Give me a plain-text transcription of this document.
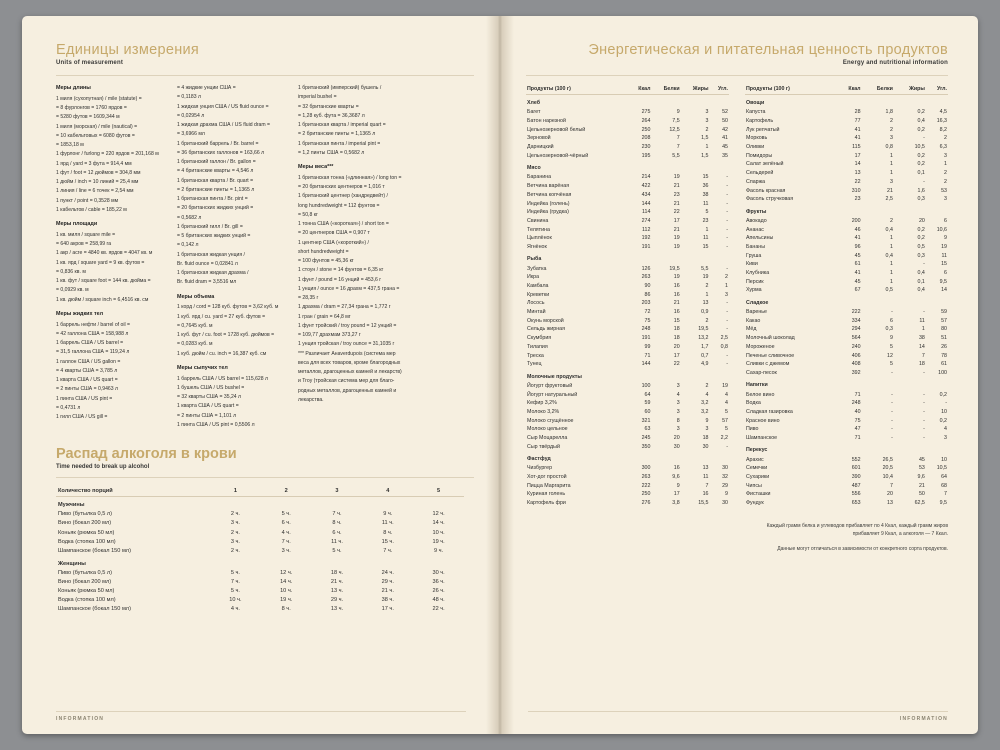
Единицы измерения
Units of measurement
Меры длины

1 миля (сухопутная) / mile (statute) =

= 8 фурлонгов = 1760 ярдов =

= 5280 футов = 1609,344 м

1 миля (морская) / mile (nautical) =

= 10 кабельтовых = 6080 футов =

= 1853,18 м

1 фурлонг / furlong = 220 ярдов = 201,168 м

1 ярд / yard = 3 фута = 914,4 мм

1 фут / foot = 12 дюймов = 304,8 мм

1 дюйм / inch = 10 линий = 25,4 мм

1 линия / line = 6 точек = 2,54 мм

1 пункт / point = 0,3528 мм

1 кабельтов / cable = 185,22 м

Меры площади

1 кв. миля / square mile =

= 640 акров = 258,99 га

1 акр / acre = 4840 кв. ярдов = 4047 кв. м

1 кв. ярд / square yard = 9 кв. футов =

= 0,836 кв. м

1 кв. фут / square foot = 144 кв. дюйма =

= 0,0929 кв. м

1 кв. дюйм / square inch = 6,4516 кв. см

Меры жидких тел

1 баррель нефти / barrel of oil =

= 42 галлона США = 158,988 л

1 баррель США / US barrel =

= 31,5 галлона США = 119,24 л

1 галлон США / US gallon =

= 4 кварты США = 3,785 л

1 кварта США / US quart =

= 2 пинты США = 0,9463 л

1 пинта США / US pint =

= 0,4731 л

1 гилл США / US gill =

= 4 жидкие унции США =

= 0,1183 л

1 жидкая унция США / US fluid ounce =

= 0,02954 л

1 жидкая драхма США / US fluid dram =

= 3,6966 мл

1 британский баррель / Br. barrel =

= 36 британских галлонов = 163,66 л

1 британский галлон / Br. gallon =

= 4 британские кварты = 4,546 л

1 британская кварта / Br. quart =

= 2 британские пинты = 1,1365 л

1 британская пинта / Br. pint =

= 20 британских жидких унций =

= 0,5682 л

1 британский гилл / Br. gill =

= 5 британских жидких унций =

= 0,142 л

1 британская жидкая унция /

Br. fluid ounce = 0,02841 л

1 британская жидкая драхма /

Br. fluid dram = 3,5516 мл

Меры объема

1 корд / cord = 128 куб. футов = 3,62 куб. м

1 куб. ярд / cu. yard = 27 куб. футов =

= 0,7645 куб. м

1 куб. фут / cu. foot = 1728 куб. дюймов =

= 0,0283 куб. м

1 куб. дюйм / cu. inch = 16,387 куб. см

Меры сыпучих тел

1 баррель США / US barrel = 115,628 л

1 бушель США / US bushel =

= 32 кварты США = 35,24 л

1 кварта США / US quart =

= 2 пинты США = 1,101 л

1 пинта США / US pint = 0,5506 л

1 британский (имперский) бушель /

imperial bushel =

= 32 британские кварты =

= 1,28 куб. фута = 36,3687 л

1 британская кварта / imperial quart =

= 2 британские пинты = 1,1365 л

1 британская пинта / imperial pint =

= 1,2 пинты США = 0,5682 л

Меры веса***

1 британская тонна («длинная») / long ton =

= 20 британских центнеров = 1,016 т

1 британский центнер (хандредвейт) /

long hundredweight = 112 фунтов =

= 50,8 кг

1 тонна США («короткая») / short ton =

= 20 центнеров США = 0,907 т

1 центнер США («короткий») /

short hundredweight =

= 100 фунтов = 45,36 кг

1 стоун / stone = 14 фунтов = 6,35 кг

1 фунт / pound = 16 унций = 453,6 г

1 унция / ounce = 16 драхм = 437,5 грана =

= 28,35 г

1 драхма / dram = 27,34 грана = 1,772 г

1 гран / grain = 64,8 мг

1 фунт тройский / troy pound = 12 унций =

= 109,77 драхмам 373,27 г

1 унция тройская / troy ounce = 31,1035 г

*** Различает Анаvеrdupois (система мер

веса для всех товаров, кроме благородных

металлов, драгоценных камней и лекарств)

и Troy (тройская система мер для благо-

родных металлов, драгоценных камней и

лекарства.

Распад алкоголя в крови
Time needed to break up alcohol
Количество порций	1	2	3	4	5
Мужчины					
Пиво (бутылка 0,5 л)	2 ч.	5 ч.	7 ч.	9 ч.	12 ч.
Вино (бокал 200 мл)	3 ч.	6 ч.	8 ч.	11 ч.	14 ч.
Коньяк (рюмка 50 мл)	2 ч.	4 ч.	6 ч.	8 ч.	10 ч.
Водка (стопка 100 мл)	3 ч.	7 ч.	11 ч.	15 ч.	19 ч.
Шампанское (бокал 150 мл)	2 ч.	3 ч.	5 ч.	7 ч.	9 ч.
Женщины					
Пиво (бутылка 0,5 л)	5 ч.	12 ч.	18 ч.	24 ч.	30 ч.
Вино (бокал 200 мл)	7 ч.	14 ч.	21 ч.	29 ч.	36 ч.
Коньяк (рюмка 50 мл)	5 ч.	10 ч.	13 ч.	21 ч.	26 ч.
Водка (стопка 100 мл)	10 ч.	19 ч.	29 ч.	38 ч.	48 ч.
Шампанское (бокал 150 мл)	4 ч.	8 ч.	13 ч.	17 ч.	22 ч.
INFORMATION
Энергетическая и питательная ценность продуктов
Energy and nutritional information
Продукты (100 г)	Ккал	Белки	Жиры	Угл.
Хлеб				
Багет	275	9	3	52
Батон нарезной	264	7,5	3	50
Цельнозерновой белый	250	12,5	2	42
Зерновой	208	7	1,5	41
Дарницкий	230	7	1	45
Цельнозерновой-чёрный	195	5,5	1,5	35
Мясо				
Баранина	214	19	15	-
Ветчина варёная	422	21	36	-
Ветчина копчёная	434	23	38	-
Индейка (голень)	144	21	11	-
Индейка (грудка)	114	22	5	-
Свинина	274	17	23	-
Телятина	112	21	1	-
Цыплёнок	192	19	11	-
Ягнёнок	191	19	15	-
Рыба				
Зубатка	126	19,5	5,5	-
Икра	263	19	19	2
Камбала	90	16	2	1
Креветки	86	16	1	3
Лосось	203	21	13	-
Минтай	72	16	0,9	-
Окунь морской	75	15	2	-
Сельдь жирная	248	18	19,5	-
Скумбрия	191	18	13,2	2,5
Тилапия	99	20	1,7	0,8
Треска	71	17	0,7	-
Тунец	144	22	4,9	-
Молочные продукты				
Йогурт фруктовый	100	3	2	19
Йогурт натуральный	64	4	4	4
Кефир 3,2%	59	3	3,2	4
Молоко 3,2%	60	3	3,2	5
Молоко сгущённое	321	8	9	57
Молоко цельное	63	3	3	5
Сыр Моцарелла	245	20	18	2,2
Сыр твёрдый	350	30	30	-
Фастфуд				
Чизбургер	300	16	13	30
Хот-дог простой	263	9,6	11	32
Пицца Маргарита	222	9	7	29
Куриная голень	250	17	16	9
Картофель фри	276	3,8	15,5	30
Продукты (100 г)	Ккал	Белки	Жиры	Угл.
Овощи				
Капуста	28	1,8	0,2	4,5
Картофель	77	2	0,4	16,3
Лук репчатый	41	2	0,2	8,2
Морковь	41	3	-	2
Оливки	115	0,8	10,5	6,3
Помидоры	17	1	0,2	3
Салат зелёный	14	1	0,2	1
Сельдерей	13	1	0,1	2
Спаржа	22	3	-	2
Фасоль красная	310	21	1,6	53
Фасоль стручковая	23	2,5	0,3	3
Фрукты				
Авокадо	200	2	20	6
Ананас	46	0,4	0,2	10,6
Апельсины	41	1	0,2	9
Бананы	96	1	0,5	19
Груша	45	0,4	0,3	11
Киви	61	1	-	15
Клубника	41	1	0,4	6
Персик	45	1	0,1	9,5
Хурма	67	0,5	0,4	14
Сладкое				
Варенье	222	-	-	59
Какао	334	6	11	57
Мёд	294	0,3	1	80
Молочный шоколад	564	9	38	51
Мороженое	240	5	14	26
Печенье сливочное	406	12	7	78
Сливки с джемом	408	5	18	61
Сахар-песок	392	-	-	100
Напитки				
Белое вино	71	-	-	0,2
Водка	248	-	-	-
Сладкая газировка	40	-	-	10
Красное вино	75	-	-	0,2
Пиво	47	-	-	4
Шампанское	71	-	-	3
Перекус				
Арахис	552	26,5	45	10
Семечки	601	20,5	53	10,5
Сухарики	390	10,4	9,6	64
Чипсы	487	7	21	68
Фисташки	556	20	50	7
Фундук	653	13	62,5	9,5
Каждый грамм белка и углеводов прибавляет по 4 Ккал, каждый грамм жиров прибавляет 9 Ккал, а алкоголя — 7 Ккал.
Данные могут отличаться в зависимости от конкретного сорта продуктов.
INFORMATION
